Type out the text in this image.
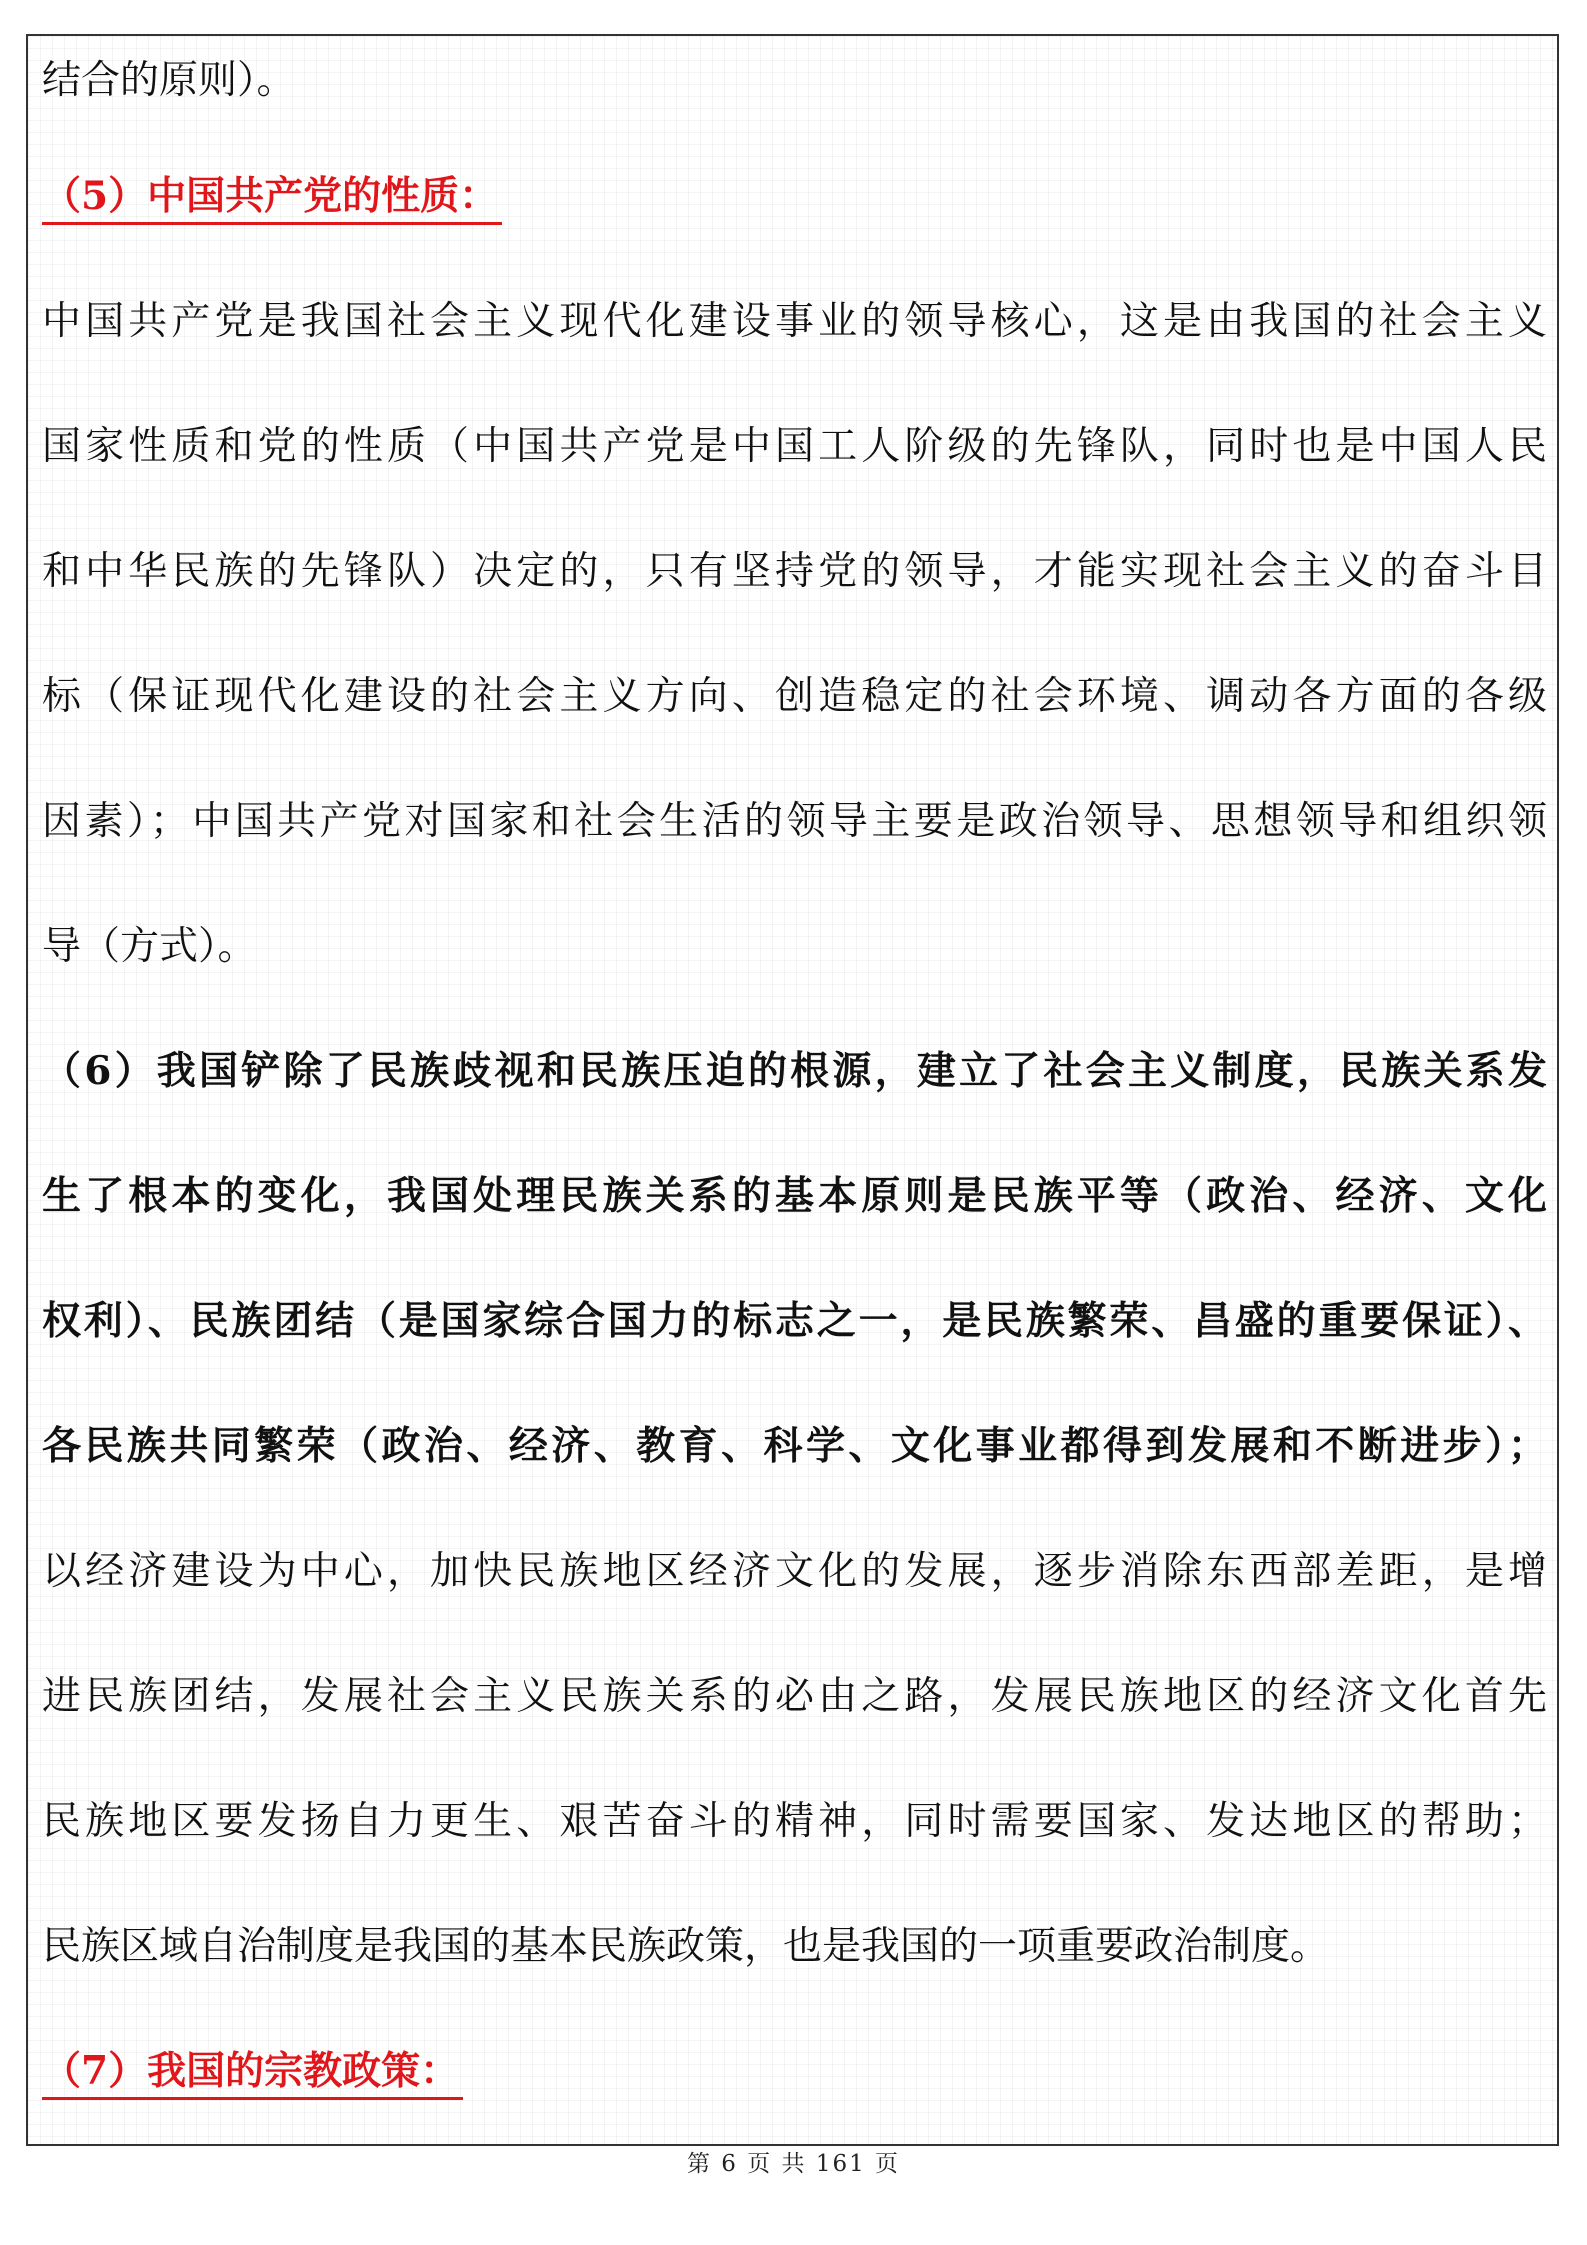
结合的原则）。
（5）中国共产党的性质：
中国共产党是我国社会主义现代化建设事业的领导核心，这是由我国的社会主义
国家性质和党的性质（中国共产党是中国工人阶级的先锋队，同时也是中国人民
和中华民族的先锋队）决定的，只有坚持党的领导，才能实现社会主义的奋斗目
标（保证现代化建设的社会主义方向、创造稳定的社会环境、调动各方面的各级
因素）；中国共产党对国家和社会生活的领导主要是政治领导、思想领导和组织领
导（方式）。
（6）我国铲除了民族歧视和民族压迫的根源，建立了社会主义制度，民族关系发
生了根本的变化，我国处理民族关系的基本原则是民族平等（政治、经济、文化
权利）、民族团结（是国家综合国力的标志之一，是民族繁荣、昌盛的重要保证）、
各民族共同繁荣（政治、经济、教育、科学、文化事业都得到发展和不断进步）；
以经济建设为中心，加快民族地区经济文化的发展，逐步消除东西部差距，是增
进民族团结，发展社会主义民族关系的必由之路，发展民族地区的经济文化首先
民族地区要发扬自力更生、艰苦奋斗的精神，同时需要国家、发达地区的帮助；
民族区域自治制度是我国的基本民族政策，也是我国的一项重要政治制度。
（7）我国的宗教政策：
第 6 页 共 161 页
